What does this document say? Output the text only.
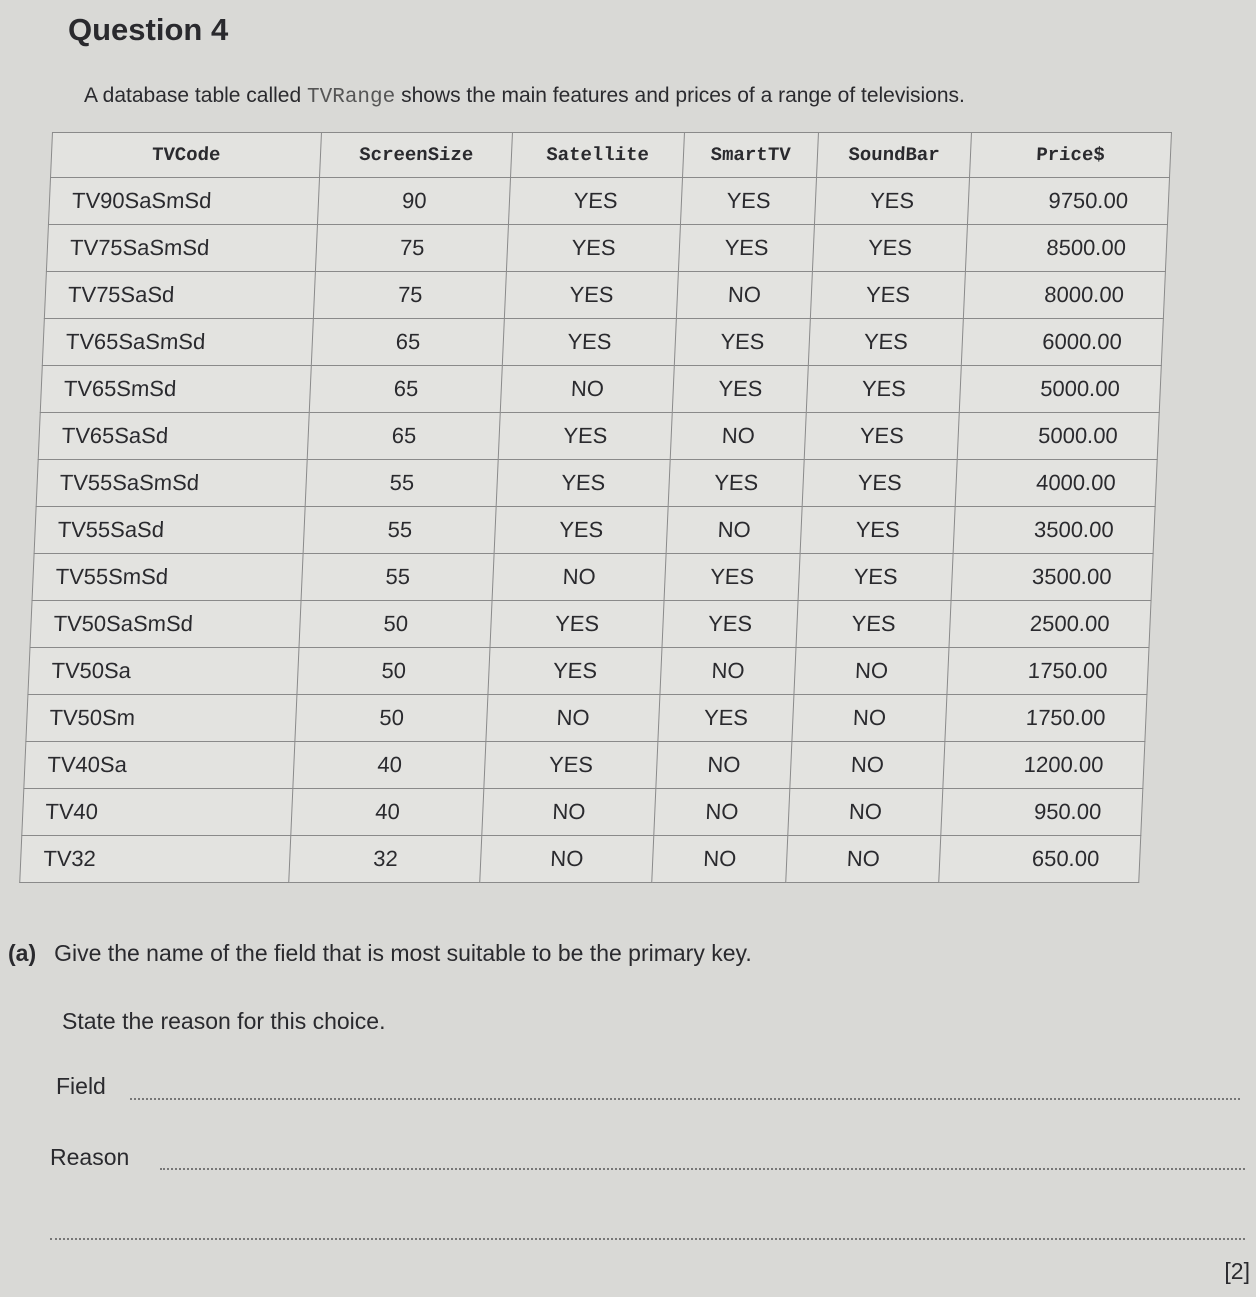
Question 4
A database table called TVRange shows the main features and prices of a range of televisions.
TVCode	ScreenSize	Satellite	SmartTV	SoundBar	Price$
TV90SaSmSd	90	YES	YES	YES	9750.00
TV75SaSmSd	75	YES	YES	YES	8500.00
TV75SaSd	75	YES	NO	YES	8000.00
TV65SaSmSd	65	YES	YES	YES	6000.00
TV65SmSd	65	NO	YES	YES	5000.00
TV65SaSd	65	YES	NO	YES	5000.00
TV55SaSmSd	55	YES	YES	YES	4000.00
TV55SaSd	55	YES	NO	YES	3500.00
TV55SmSd	55	NO	YES	YES	3500.00
TV50SaSmSd	50	YES	YES	YES	2500.00
TV50Sa	50	YES	NO	NO	1750.00
TV50Sm	50	NO	YES	NO	1750.00
TV40Sa	40	YES	NO	NO	1200.00
TV40	40	NO	NO	NO	950.00
TV32	32	NO	NO	NO	650.00
(a) Give the name of the field that is most suitable to be the primary key.
State the reason for this choice.
Field
Reason
[2]
